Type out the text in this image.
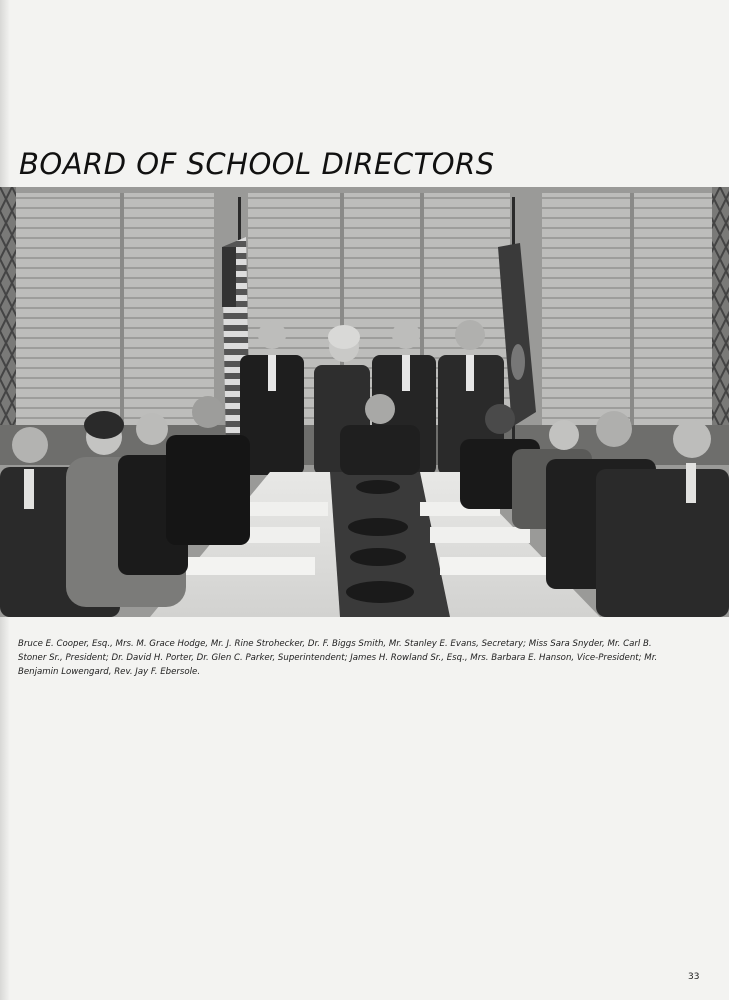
BOARD OF SCHOOL DIRECTORS

Bruce E. Cooper, Esq., Mrs. M. Grace Hodge, Mr. J. Rine Strohecker, Dr. F. Biggs Smith, Mr. Stanley E. Evans, Secretary; Miss Sara Snyder, Mr. Carl B. Stoner Sr., President; Dr. David H. Porter, Dr. Glen C. Parker, Superintendent; James H. Rowland Sr., Esq., Mrs. Barbara E. Hanson, Vice-President; Mr. Benjamin Lowengard, Rev. Jay F. Ebersole.

33
